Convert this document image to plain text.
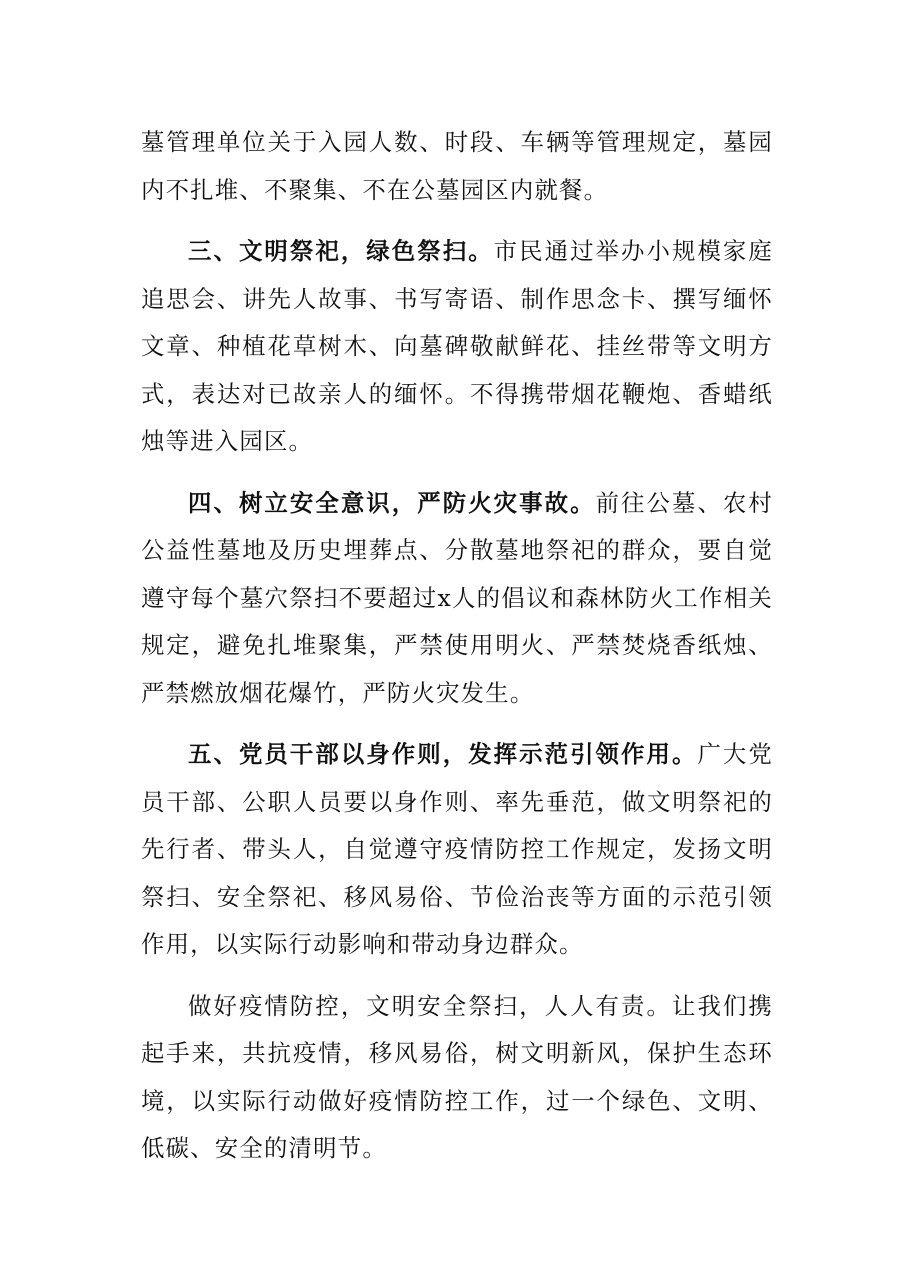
墓管理单位关于入园人数、时段、车辆等管理规定，墓园内不扎堆、不聚集、不在公墓园区内就餐。

三、文明祭祀，绿色祭扫。市民通过举办小规模家庭追思会、讲先人故事、书写寄语、制作思念卡、撰写缅怀文章、种植花草树木、向墓碑敬献鲜花、挂丝带等文明方式，表达对已故亲人的缅怀。不得携带烟花鞭炮、香蜡纸烛等进入园区。

四、树立安全意识，严防火灾事故。前往公墓、农村公益性墓地及历史埋葬点、分散墓地祭祀的群众，要自觉遵守每个墓穴祭扫不要超过x人的倡议和森林防火工作相关规定，避免扎堆聚集，严禁使用明火、严禁焚烧香纸烛、严禁燃放烟花爆竹，严防火灾发生。

五、党员干部以身作则，发挥示范引领作用。广大党员干部、公职人员要以身作则、率先垂范，做文明祭祀的先行者、带头人，自觉遵守疫情防控工作规定，发扬文明祭扫、安全祭祀、移风易俗、节俭治丧等方面的示范引领作用，以实际行动影响和带动身边群众。

做好疫情防控，文明安全祭扫，人人有责。让我们携起手来，共抗疫情，移风易俗，树文明新风，保护生态环境，以实际行动做好疫情防控工作，过一个绿色、文明、低碳、安全的清明节。
